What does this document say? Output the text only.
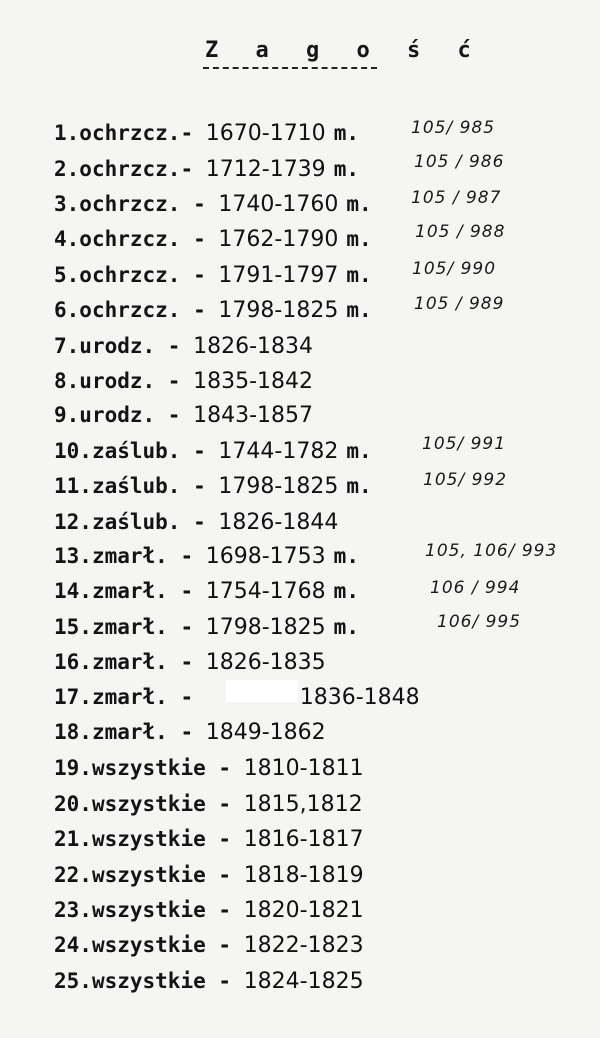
Z a g o ś ć
1.ochrzcz.- 1670-1710 m.	105/ 985
2.ochrzcz.- 1712-1739 m.	105 / 986
3.ochrzcz. - 1740-1760 m. 105 / 987
4.ochrzcz. - 1762-1790 m.	105 / 988
5.ochrzcz. - 1791-1797 m. 105/ 990
6.ochrzcz. - 1798-1825 m. 105 / 989
7.urodz. - 1826-1834
8.urodz. - 1835-1842
9.urodz. - 1843-1857
10.zaślub. - 1744-1782 m.	105/ 991
11.zaślub. - 1798-1825 m.	105/ 992
12.zaślub. - 1826-1844
13.zmarł. - 1698-1753 m.	105, 106/ 993
14.zmarł. - 1754-1768 m.	106 / 994
15.zmarł. - 1798-1825 m.	106/ 995
16.zmarł. - 1826-1835
17.zmarł. -	1836-1848
18.zmarł. - 1849-1862
19.wszystkie - 1810-1811
20.wszystkie - 1815,1812
21.wszystkie - 1816-1817
22.wszystkie - 1818-1819
23.wszystkie - 1820-1821
24.wszystkie - 1822-1823
25.wszystkie - 1824-1825
